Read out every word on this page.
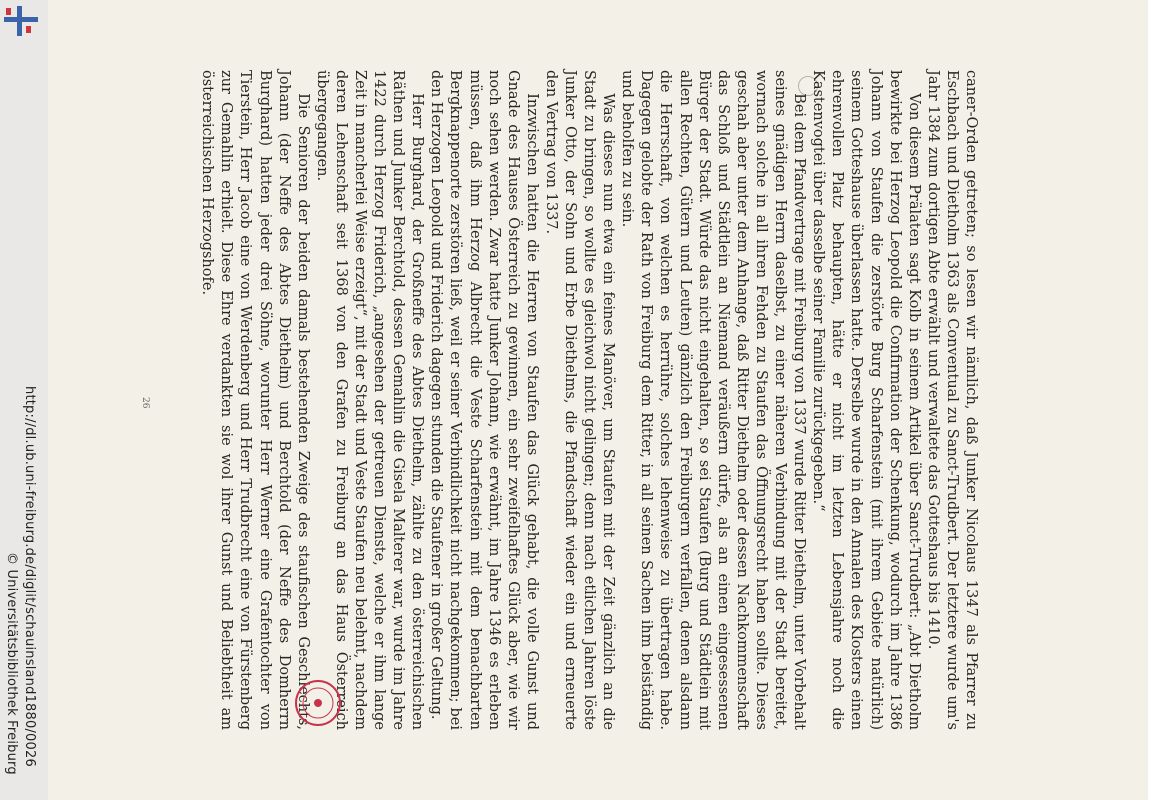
http://dl.ub.uni-freiburg.de/diglit/schauinsland1880/0026
© Universitätsbibliothek Freiburg
26	caner-Orden getreten; so lesen wir nämlich, daß Junker Nicolaus 1347 als Pfarrer zu Eschbach und Dietholm 1363 als Conventual zu Sanct-Trudbert. Der letztere wurde um's Jahr 1384 zum dortigen Abte erwählt und verwaltete das Gotteshaus bis 1410.

Von diesem Prälaten sagt Kolb in seinem Artikel über Sanct-Trudbert: „Abt Dietholm bewirkte bei Herzog Leopold die Confirmation der Schenkung, wodurch im Jahre 1386 Johann von Staufen die zerstörte Burg Scharfenstein (mit ihrem Gebiete natürlich) seinem Gotteshause überlassen hatte. Derselbe wurde in den Annalen des Klosters einen ehrenvollen Platz behaupten, hätte er nicht im letzten Lebensjahre noch die Kastenvogtei über dasselbe seiner Familie zurückgegeben.“

Bei dem Pfandvertrage mit Freiburg von 1337 wurde Ritter Diethelm, unter Vorbehalt seines gnädigen Herrn daselbst, zu einer näheren Verbindung mit der Stadt bereitet, wornach solche in all ihren Fehden zu Staufen das Öffnungsrecht haben sollte. Dieses geschah aber unter dem Anhange, daß Ritter Diethelm oder dessen Nachkommenschaft das Schloß und Städtlein an Niemand veräußern dürfe, als an einen eingesessenen Bürger der Stadt. Würde das nicht eingehalten, so sei Staufen (Burg und Städtlein mit allen Rechten, Gütern und Leuten) gänzlich den Freiburgern verfallen, denen alsdann die Herrschaft, von welchen es herrühre, solches lehenweise zu übertragen habe. Dagegen gelobte der Rath von Freiburg dem Ritter, in all seinen Sachen ihm beiständig und beholfen zu sein.

Was dieses nun etwa ein feines Manöver, um Staufen mit der Zeit gänzlich an die Stadt zu bringen, so wollte es gleichwol nicht gelingen; denn nach etlichen Jahren löste Junker Otto, der Sohn und Erbe Diethelms, die Pfandschaft wieder ein und erneuerte den Vertrag von 1337.

Inzwischen hatten die Herren von Staufen das Glück gehabt, die volle Gunst und Gnade des Hauses Österreich zu gewinnen, ein sehr zweifelhaftes Glück aber, wie wir noch sehen werden. Zwar hatte Junker Johann, wie erwähnt, im Jahre 1346 es erleben müssen, daß ihm Herzog Albrecht die Veste Scharfenstein mit dem benachbarten Bergknappenorte zerstören ließ, weil er seiner Verbindlichkeit nicht nachgekommen; bei den Herzogen Leopold und Friderich dagegen stunden die Staufener in großer Geltung.

Herr Burghard, der Großneffe des Abtes Diethelm, zählte zu den österreichischen Räthen und Junker Berchtold, dessen Gemahlin die Gisela Malterer war, wurde im Jahre 1422 durch Herzog Friderich, „angesehen der getreuen Dienste, welche er ihm lange Zeit in mancherlei Weise erzeigt“, mit der Stadt und Veste Staufen neu belehnt, nachdem deren Lehenschaft seit 1368 von den Grafen zu Freiburg an das Haus Österreich übergegangen.

Die Senioren der beiden damals bestehenden Zweige des staufischen Geschlechts, Johann (der Neffe des Abtes Diethelm) und Berchtold (der Neffe des Domherrn Burghard) hatten jeder drei Söhne, worunter Herr Werner eine Grafentochter von Tierstein, Herr Jacob eine von Werdenberg und Herr Trudbrecht eine von Fürstenberg zur Gemahlin erhielt. Diese Ehre verdankten sie wol ihrer Gunst und Beliebtheit am österreichischen Herzogshofe.
